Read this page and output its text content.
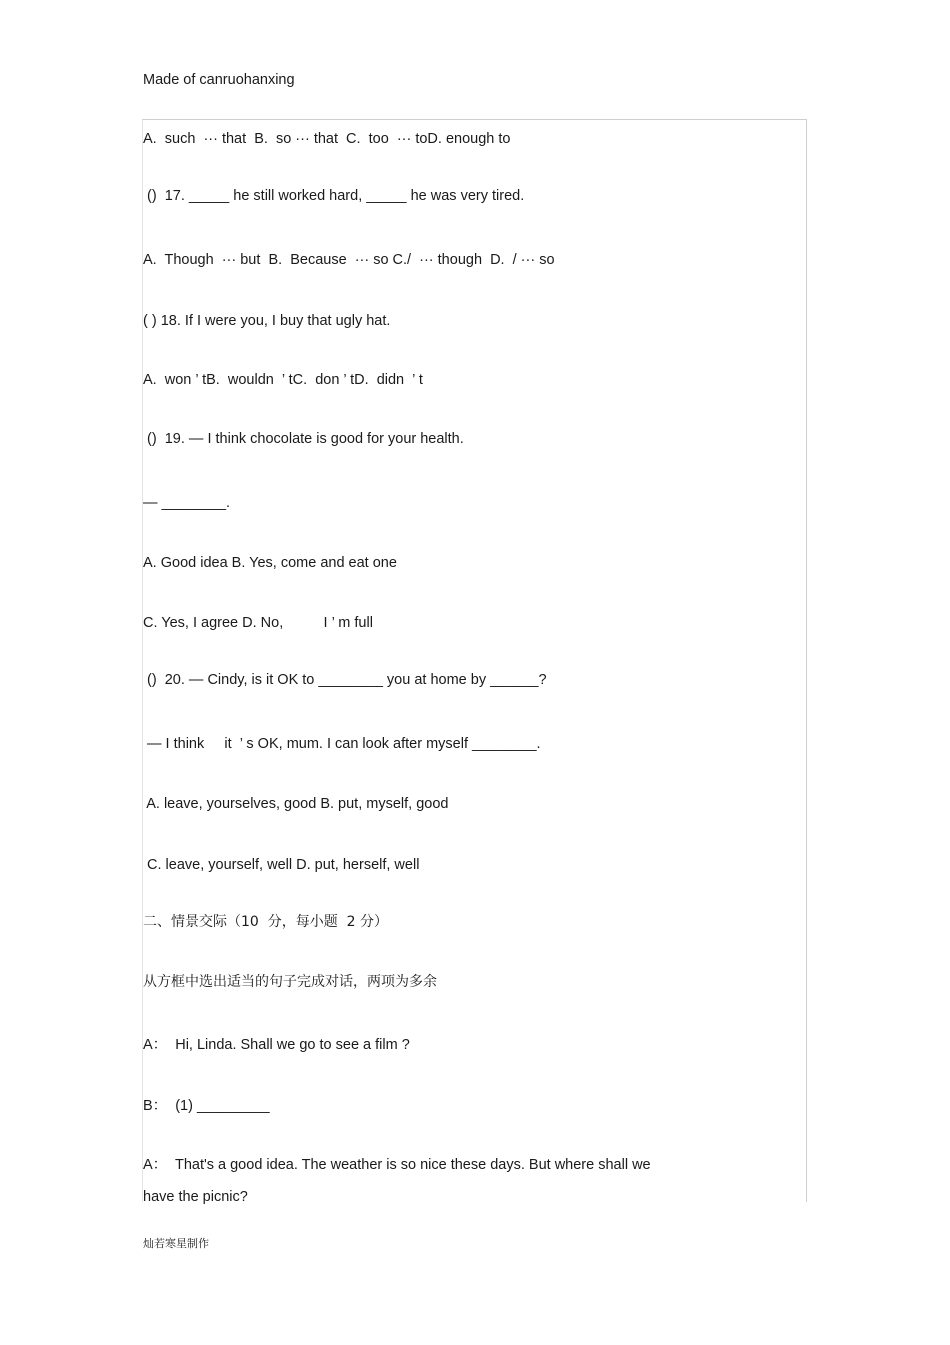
Made of canruohanxing
A.  such  ··· that  B.  so ··· that  C.  too  ··· toD. enough to
()  17. _____ he still worked hard, _____ he was very tired.
A.  Though  ··· but  B.  Because  ··· so C./  ··· though  D.  / ··· so
( ) 18. If I were you, I buy that ugly hat.
A.  won ’ tB.  wouldn  ’ tC.  don ’ tD.  didn  ’ t
()  19. — I think chocolate is good for your health.
— ________.
A. Good idea B. Yes, come and eat one
C. Yes, I agree D. No,          I ’ m full
()  20. — Cindy, is it OK to ________ you at home by ______?
— I think     it  ’ s OK, mum. I can look after myself ________.
A. leave, yourselves, good B. put, myself, good
C. leave, yourself, well D. put, herself, well
二、情景交际（10  分，每小题  2 分）
从方框中选出适当的句子完成对话，两项为多余
A：  Hi, Linda. Shall we go to see a film ?
B：  (1) _________
A：  That's a good idea. The weather is so nice these days. But where shall we
have the picnic?
灿若寒星制作
